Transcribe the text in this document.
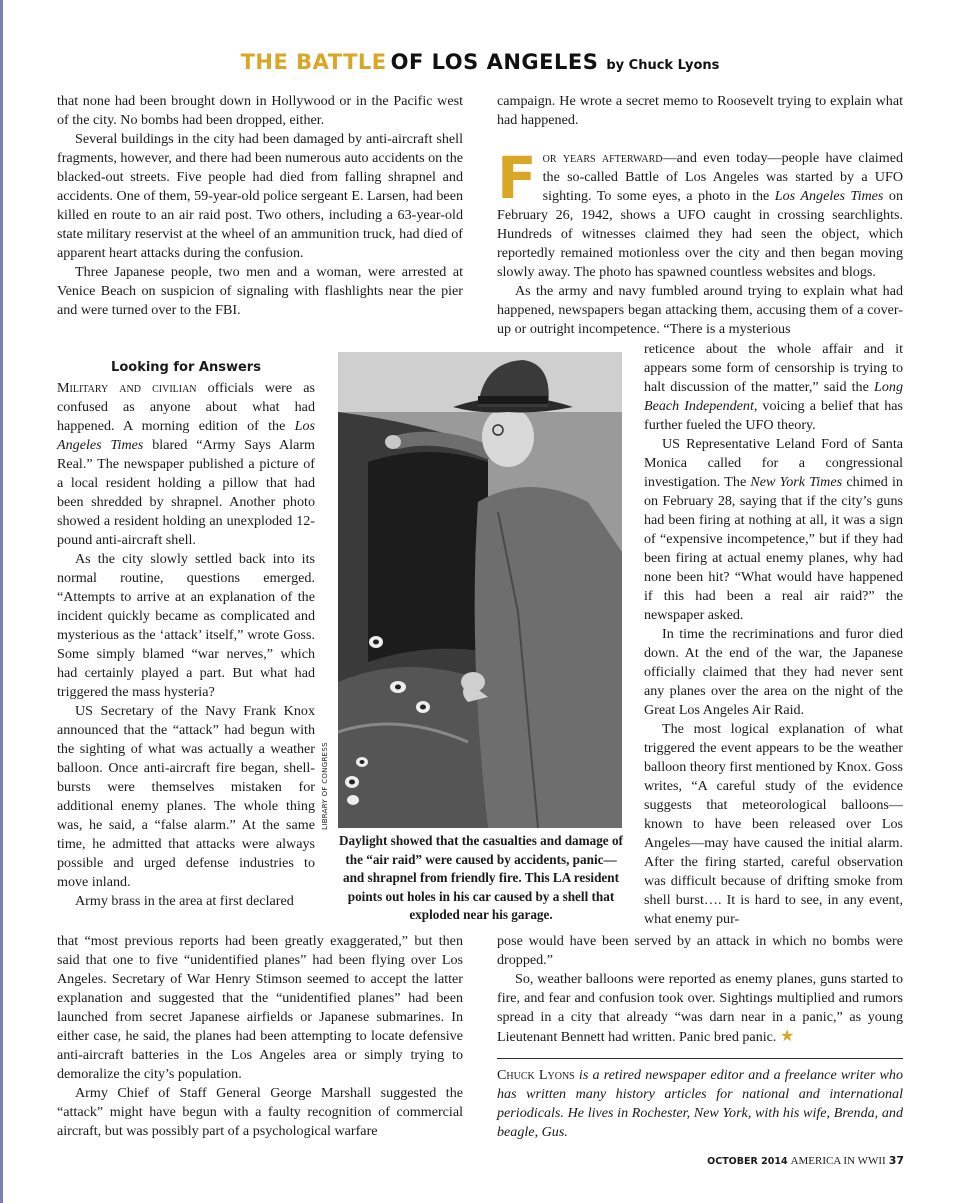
THE BATTLE OF LOS ANGELES by Chuck Lyons

that none had been brought down in Hollywood or in the Pacific west of the city. No bombs had been dropped, either.

Several buildings in the city had been damaged by anti-aircraft shell fragments, however, and there had been numerous auto accidents on the blacked-out streets. Five people had died from falling shrapnel and accidents. One of them, 59-year-old police sergeant E. Larsen, had been killed en route to an air raid post. Two others, including a 63-year-old state military reservist at the wheel of an ammunition truck, had died of apparent heart attacks during the confusion.

Three Japanese people, two men and a woman, were arrested at Venice Beach on suspicion of signaling with flashlights near the pier and were turned over to the FBI.

Looking for Answers

Military and civilian officials were as confused as anyone about what had happened. A morning edition of the Los Angeles Times blared “Army Says Alarm Real.” The newspaper published a picture of a local resident holding a pillow that had been shredded by shrapnel. Another photo showed a resident holding an unexploded 12-pound anti-aircraft shell.

As the city slowly settled back into its normal routine, questions emerged. “Attempts to arrive at an explanation of the incident quickly became as complicated and mysterious as the ‘attack’ itself,” wrote Goss. Some simply blamed “war nerves,” which had certainly played a part. But what had triggered the mass hysteria?

US Secretary of the Navy Frank Knox announced that the “attack” had begun with the sighting of what was actually a weather balloon. Once anti-aircraft fire began, shell-bursts were themselves mistaken for additional enemy planes. The whole thing was, he said, a “false alarm.” At the same time, he admitted that attacks were always possible and urged defense industries to move inland.

Army brass in the area at first declared

that “most previous reports had been greatly exaggerated,” but then said that one to five “unidentified planes” had been flying over Los Angeles. Secretary of War Henry Stimson seemed to accept the latter explanation and suggested that the “unidentified planes” had been launched from secret Japanese airfields or Japanese submarines. In either case, he said, the planes had been attempting to locate defensive anti-aircraft batteries in the Los Angeles area or simply trying to demoralize the city’s population.

Army Chief of Staff General George Marshall suggested the “attack” might have begun with a faulty recognition of commercial aircraft, but was possibly part of a psychological warfare

campaign. He wrote a secret memo to Roosevelt trying to explain what had happened.

For years afterward—and even today—people have claimed the so-called Battle of Los Angeles was started by a UFO sighting. To some eyes, a photo in the Los Angeles Times on February 26, 1942, shows a UFO caught in crossing searchlights. Hundreds of witnesses claimed they had seen the object, which reportedly remained motionless over the city and then began moving slowly away. The photo has spawned countless websites and blogs.

As the army and navy fumbled around trying to explain what had happened, newspapers began attacking them, accusing them of a cover-up or outright incompetence. “There is a mysterious

reticence about the whole affair and it appears some form of censorship is trying to halt discussion of the matter,” said the Long Beach Independent, voicing a belief that has further fueled the UFO theory.

US Representative Leland Ford of Santa Monica called for a congressional investigation. The New York Times chimed in on February 28, saying that if the city’s guns had been firing at nothing at all, it was a sign of “expensive incompetence,” but if they had been firing at actual enemy planes, why had none been hit? “What would have happened if this had been a real air raid?” the newspaper asked.

In time the recriminations and furor died down. At the end of the war, the Japanese officially claimed that they had never sent any planes over the area on the night of the Great Los Angeles Air Raid.

The most logical explanation of what triggered the event appears to be the weather balloon theory first mentioned by Knox. Goss writes, “A careful study of the evidence suggests that meteorological balloons—known to have been released over Los Angeles—may have caused the initial alarm. After the firing started, careful observation was difficult because of drifting smoke from shell burst…. It is hard to see, in any event, what enemy pur-

pose would have been served by an attack in which no bombs were dropped.”

So, weather balloons were reported as enemy planes, guns started to fire, and fear and confusion took over. Sightings multiplied and rumors spread in a city that already “was darn near in a panic,” as young Lieutenant Bennett had written. Panic bred panic. ★

LIBRARY OF CONGRESS
Daylight showed that the casualties and damage of the “air raid” were caused by accidents, panic—and shrapnel from friendly fire. This LA resident points out holes in his car caused by a shell that exploded near his garage.
Chuck Lyons is a retired newspaper editor and a freelance writer who has written many history articles for national and international periodicals. He lives in Rochester, New York, with his wife, Brenda, and beagle, Gus.
OCTOBER 2014 AMERICA IN WWII 37
